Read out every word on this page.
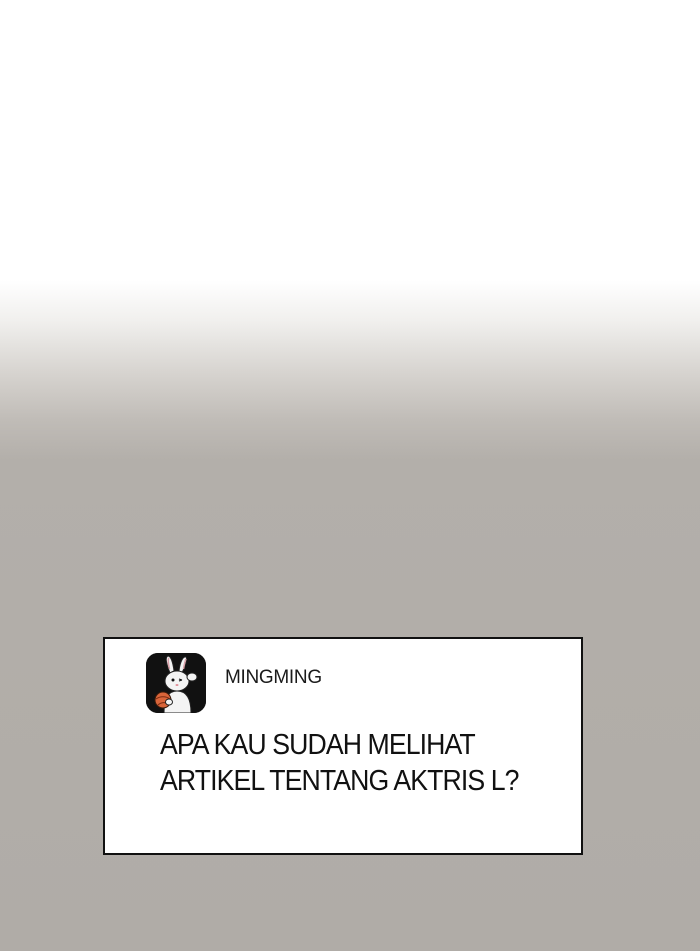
MINGMING
APA KAU SUDAH MELIHAT
ARTIKEL TENTANG AKTRIS L?
